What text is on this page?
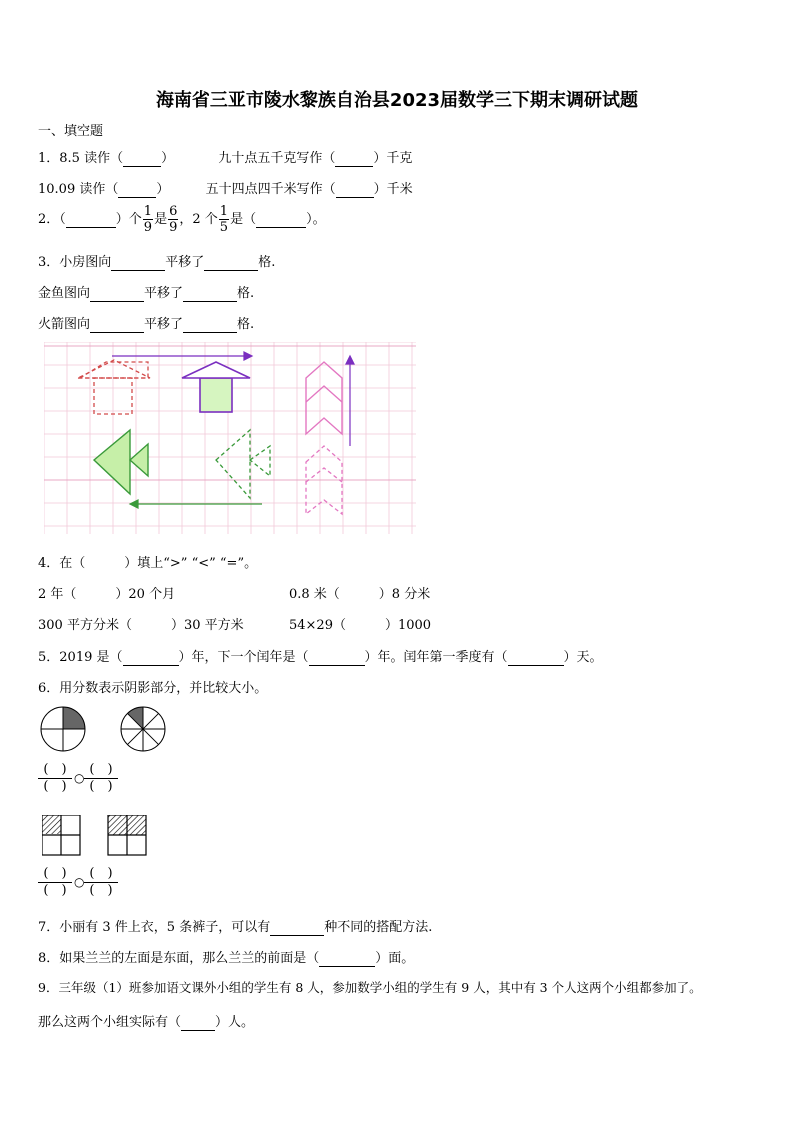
海南省三亚市陵水黎族自治县2023届数学三下期末调研试题
一、填空题
1．8.5 读作（	）	九十点五千克写作（	）千克
10.09 读作（	）	五十四点四千米写作（	）千米
2．（	）个 $\frac{1}{9}$ 是 $\frac{6}{9}$ ，2 个 $\frac{1}{5}$ 是（	）。
3．小房图向	平移了	格.
金鱼图向	平移了	格.
火箭图向	平移了	格.
4．在（　　　）填上“>” “<” “=”。
2 年（　　　）20 个月	0.8 米（　　　）8 分米
300 平方分米（　　　）30 平方米	54×29（　　　）1000
5．2019 是（	）年，下一个闰年是（	）年。闰年第一季度有（	）天。
6．用分数表示阴影部分，并比较大小。
(　)
(　)
○
(　)
(　)
(　)
(　)
○
(　)
(　)
7．小丽有 3 件上衣，5 条裤子，可以有	种不同的搭配方法.
8．如果兰兰的左面是东面，那么兰兰的前面是（	）面。
9．三年级（1）班参加语文课外小组的学生有 8 人，参加数学小组的学生有 9 人，其中有 3 个人这两个小组都参加了。
那么这两个小组实际有（	）人。
